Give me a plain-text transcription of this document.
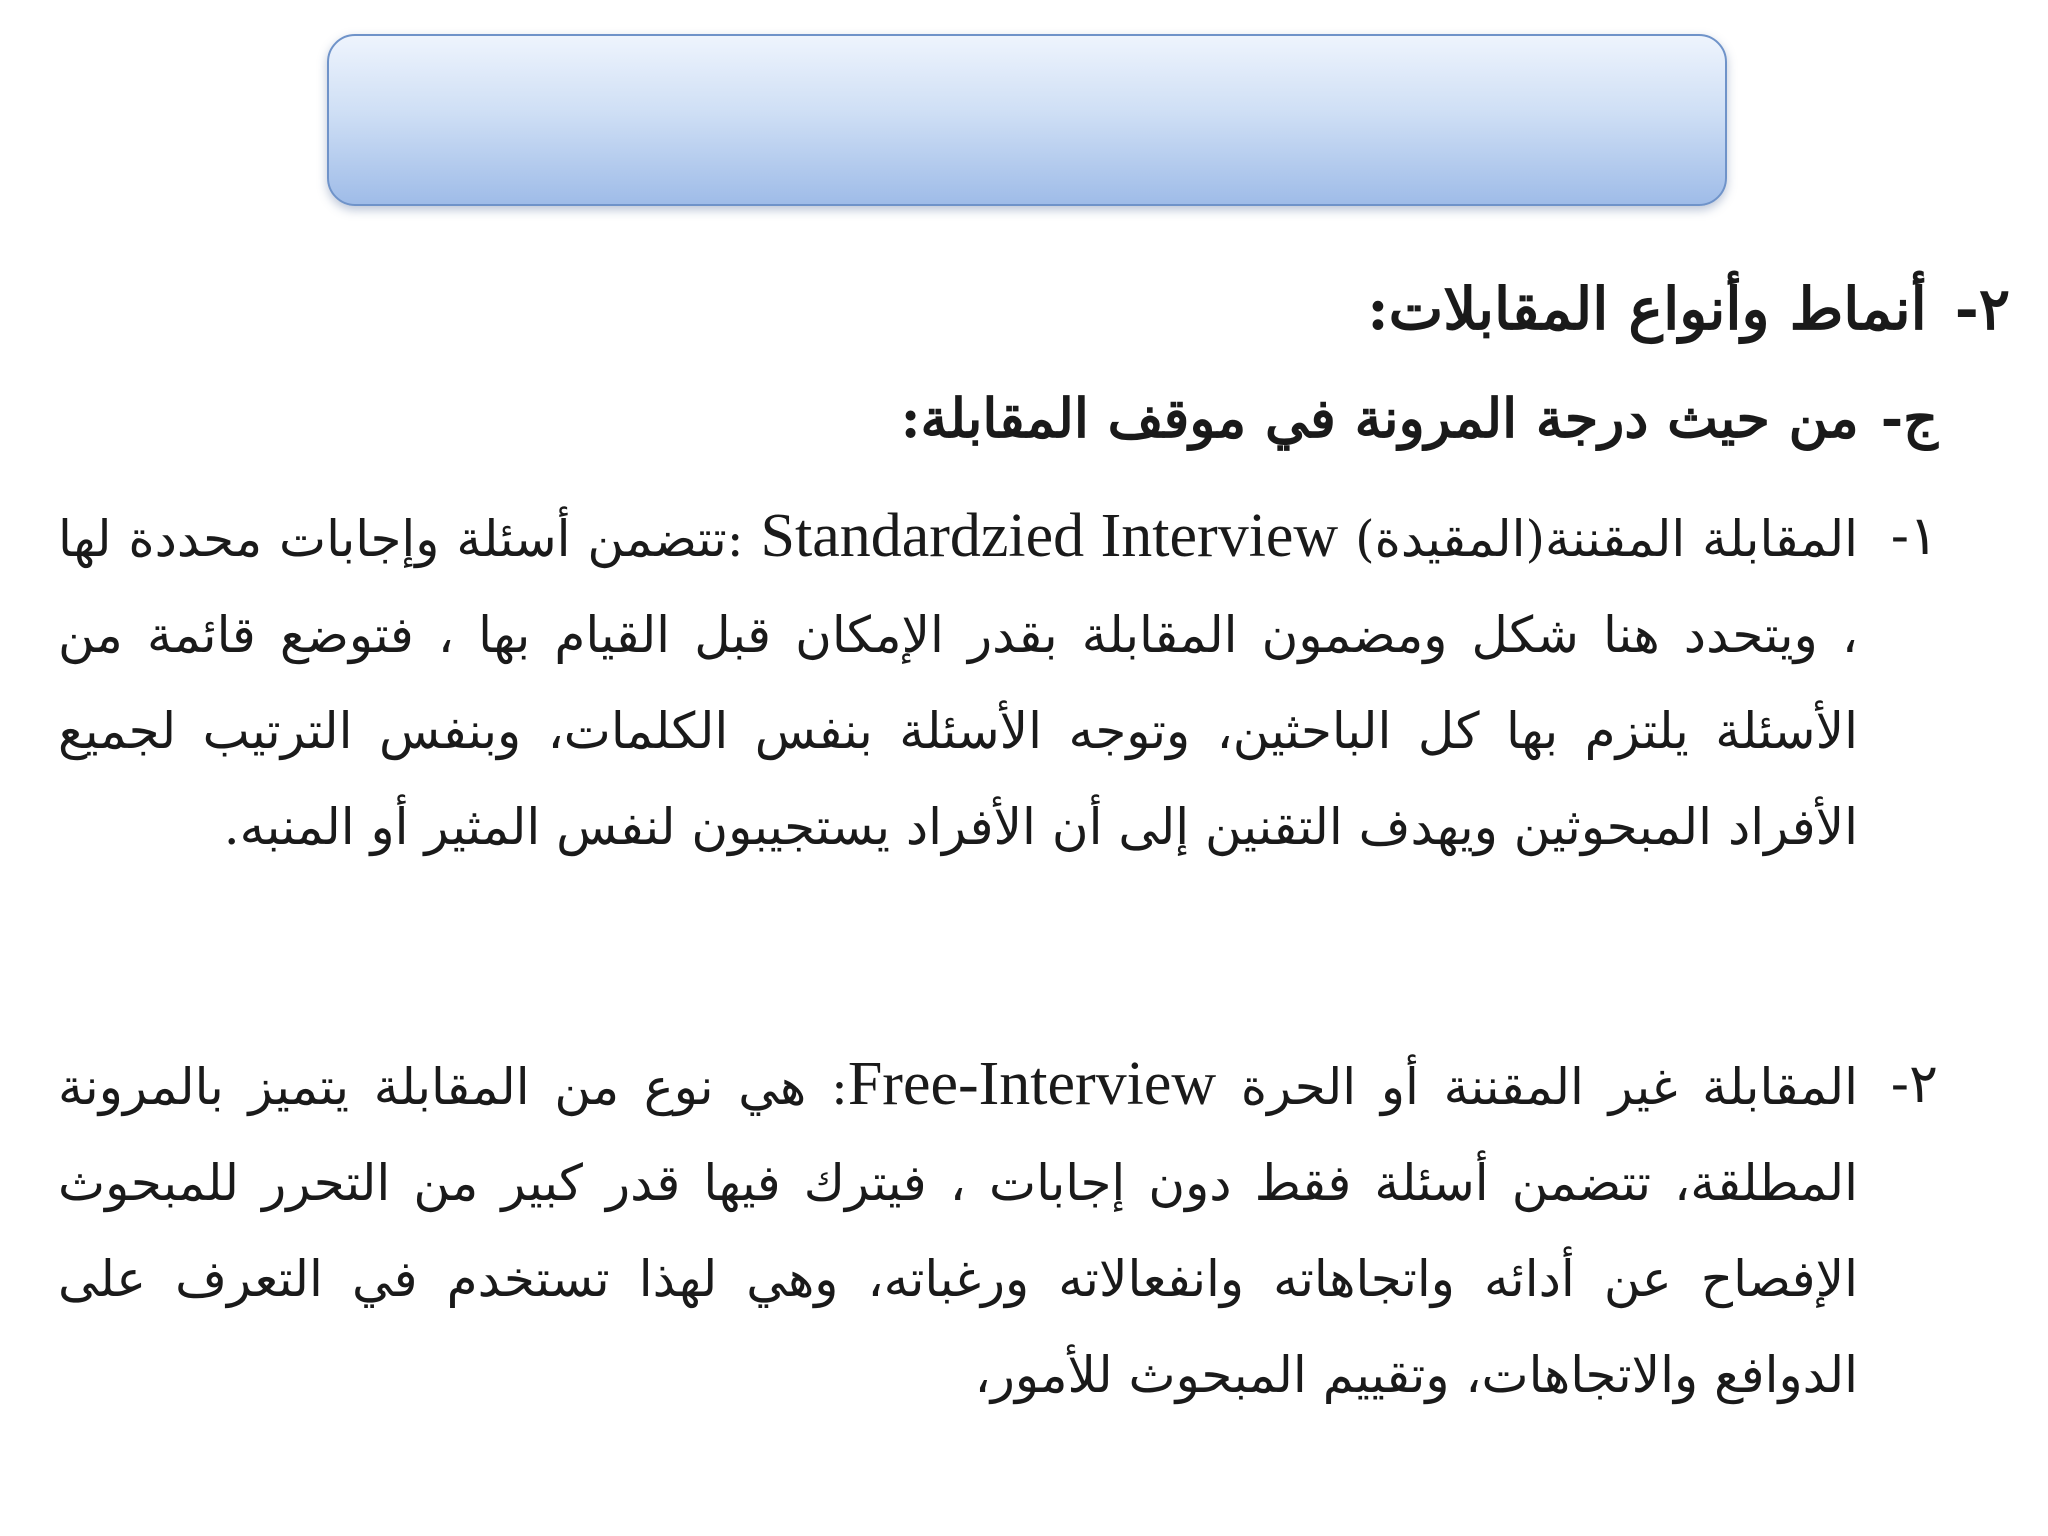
٢-أنماط وأنواع المقابلات:
ج-من حيث درجة المرونة في موقف المقابلة:
١-
المقابلة المقننة(المقيدة) Standardzied Interview :تتضمن أسئلة وإجابات محددة لها ، ويتحدد هنا شكل ومضمون المقابلة بقدر الإمكان قبل القيام بها ، فتوضع قائمة من الأسئلة يلتزم بها كل الباحثين، وتوجه الأسئلة بنفس الكلمات، وبنفس الترتيب لجميع الأفراد المبحوثين ويهدف التقنين إلى أن الأفراد يستجيبون لنفس المثير أو المنبه.
٢-
المقابلة غير المقننة أو الحرة Free-Interview: هي نوع من المقابلة يتميز بالمرونة المطلقة، تتضمن أسئلة فقط دون إجابات ، فيترك فيها قدر كبير من التحرر للمبحوث الإفصاح عن أدائه واتجاهاته وانفعالاته ورغباته، وهي لهذا تستخدم في التعرف على الدوافع والاتجاهات، وتقييم المبحوث للأمور،
